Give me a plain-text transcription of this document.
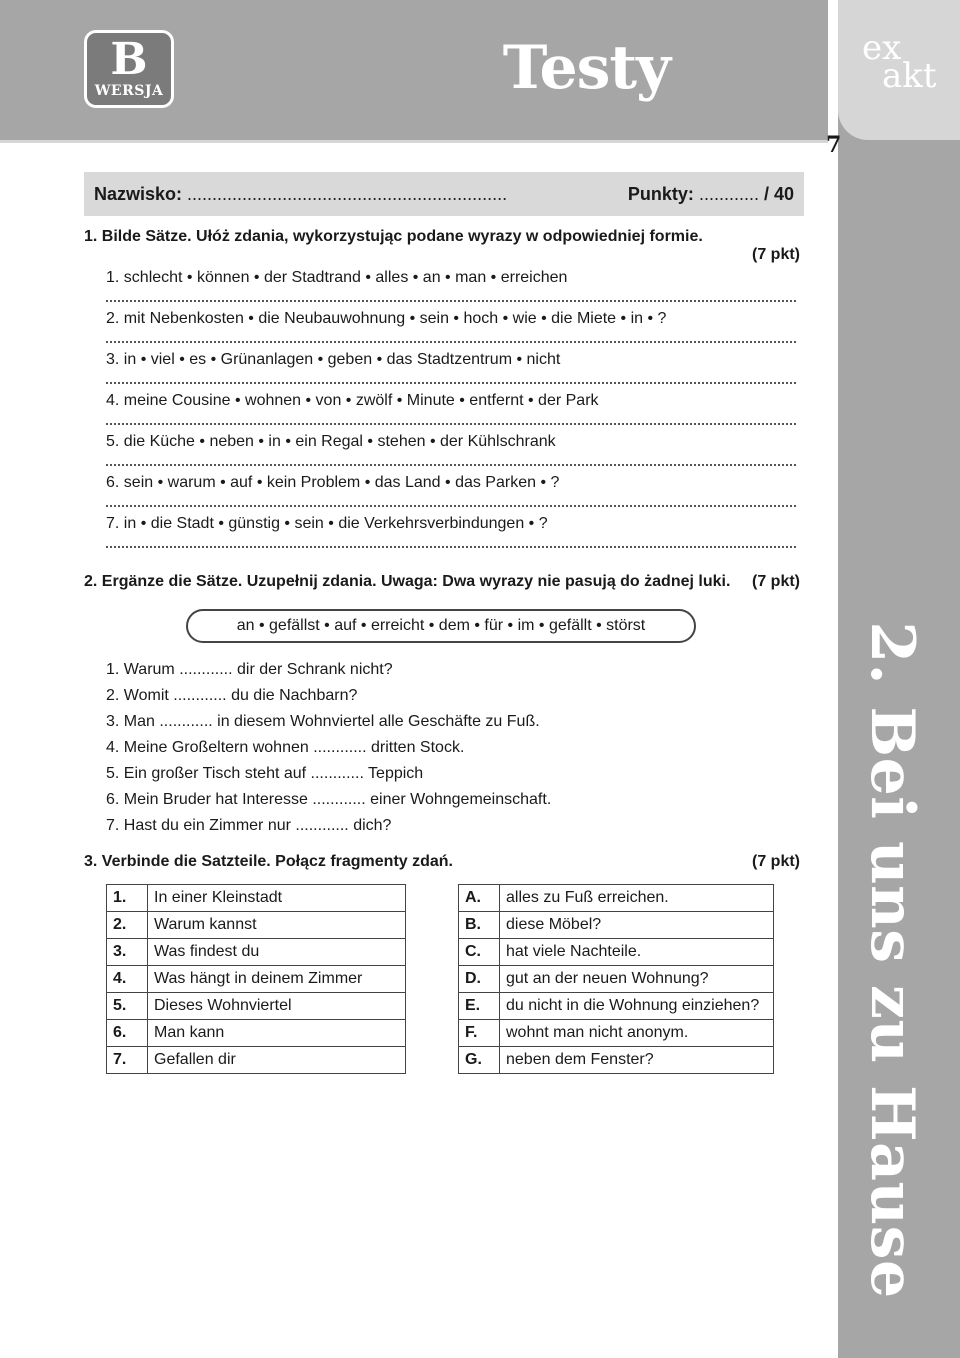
B
WERSJA	Testy	ex
akt
7
2. Bei uns zu Hause
Nazwisko: ................................................................	Punkty: ............ / 40
1. Bilde Sätze. Ułóż zdania, wykorzystując podane wyrazy w odpowiedniej formie.
(7 pkt)
1. schlecht • können • der Stadtrand • alles • an • man • erreichen
2. mit Nebenkosten • die Neubauwohnung • sein • hoch • wie • die Miete • in • ?
3. in • viel • es • Grünanlagen • geben • das Stadtzentrum • nicht
4. meine Cousine • wohnen • von • zwölf • Minute • entfernt • der Park
5. die Küche • neben • in • ein Regal • stehen • der Kühlschrank
6. sein • warum • auf • kein Problem • das Land • das Parken • ?
7. in • die Stadt • günstig • sein • die Verkehrsverbindungen • ?
2. Ergänze die Sätze. Uzupełnij zdania. Uwaga: Dwa wyrazy nie pasują do żadnej luki.	(7 pkt)
an • gefällst • auf • erreicht • dem • für • im • gefällt • störst
1. Warum ............ dir der Schrank nicht?
2. Womit ............ du die Nachbarn?
3. Man ............ in diesem Wohnviertel alle Geschäfte zu Fuß.
4. Meine Großeltern wohnen ............ dritten Stock.
5. Ein großer Tisch steht auf ............ Teppich
6. Mein Bruder hat Interesse ............ einer Wohngemeinschaft.
7. Hast du ein Zimmer nur ............ dich?
3. Verbinde die Satzteile. Połącz fragmenty zdań.	(7 pkt)
1.	In einer Kleinstadt
2.	Warum kannst
3.	Was findest du
4.	Was hängt in deinem Zimmer
5.	Dieses Wohnviertel
6.	Man kann
7.	Gefallen dir
A.	alles zu Fuß erreichen.
B.	diese Möbel?
C.	hat viele Nachteile.
D.	gut an der neuen Wohnung?
E.	du nicht in die Wohnung einziehen?
F.	wohnt man nicht anonym.
G.	neben dem Fenster?
